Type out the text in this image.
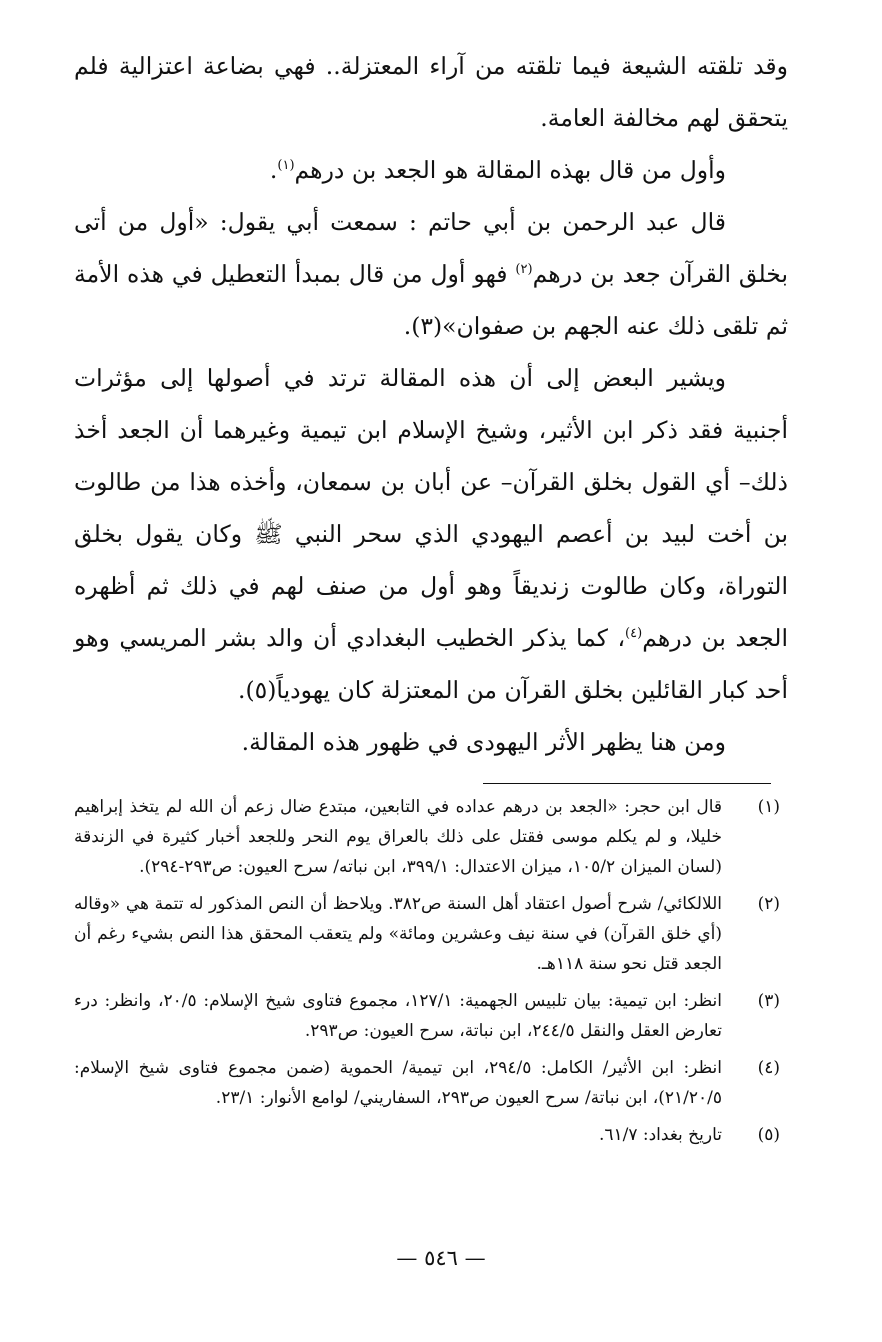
وقد تلقته الشيعة فيما تلقته من آراء المعتزلة.. فهي بضاعة اعتزالية فلم يتحقق لهم مخالفة العامة.

وأول من قال بهذه المقالة هو الجعد بن درهم$^{(١)}$.

قال عبد الرحمن بن أبي حاتم : سمعت أبي يقول: «أول من أتى بخلق القرآن جعد بن درهم$^{(٢)}$ فهو أول من قال بمبدأ التعطيل في هذه الأمة ثم تلقى ذلك عنه الجهم بن صفوان»(٣).

ويشير البعض إلى أن هذه المقالة ترتد في أصولها إلى مؤثرات أجنبية فقد ذكر ابن الأثير، وشيخ الإسلام ابن تيمية وغيرهما أن الجعد أخذ ذلك– أي القول بخلق القرآن– عن أبان بن سمعان، وأخذه هذا من طالوت بن أخت لبيد بن أعصم اليهودي الذي سحر النبي ﷺ وكان يقول بخلق التوراة، وكان طالوت زنديقاً وهو أول من صنف لهم في ذلك ثم أظهره الجعد بن درهم$^{(٤)}$، كما يذكر الخطيب البغدادي أن والد بشر المريسي وهو أحد كبار القائلين بخلق القرآن من المعتزلة كان يهودياً(٥).

ومن هنا يظهر الأثر اليهودى في ظهور هذه المقالة.

(١)
قال ابن حجر: «الجعد بن درهم عداده في التابعين، مبتدع ضال زعم أن الله لم يتخذ إبراهيم خليلا، و لم يكلم موسى فقتل على ذلك بالعراق يوم النحر وللجعد أخبار كثيرة في الزندقة (لسان الميزان ١٠٥/٢، ميزان الاعتدال: ٣٩٩/١، ابن نباته/ سرح العيون: ص٢٩٣-٢٩٤).
(٢)
اللالكائي/ شرح أصول اعتقاد أهل السنة ص٣٨٢. ويلاحظ أن النص المذكور له تتمة هي «وقاله (أي خلق القرآن) في سنة نيف وعشرين ومائة» ولم يتعقب المحقق هذا النص بشيء رغم أن الجعد قتل نحو سنة ١١٨هـ.
(٣)
انظر: ابن تيمية: بيان تلبيس الجهمية: ١٢٧/١، مجموع فتاوى شيخ الإسلام: ٢٠/٥، وانظر: درء تعارض العقل والنقل ٢٤٤/٥، ابن نباتة، سرح العيون: ص٢٩٣.
(٤)
انظر: ابن الأثير/ الكامل: ٢٩٤/٥، ابن تيمية/ الحموية (ضمن مجموع فتاوى شيخ الإسلام: ٢١/٢٠/٥)، ابن نباتة/ سرح العيون ص٢٩٣، السفاريني/ لوامع الأنوار: ٢٣/١.
(٥)
تاريخ بغداد: ٦١/٧.
— ٥٤٦ —
